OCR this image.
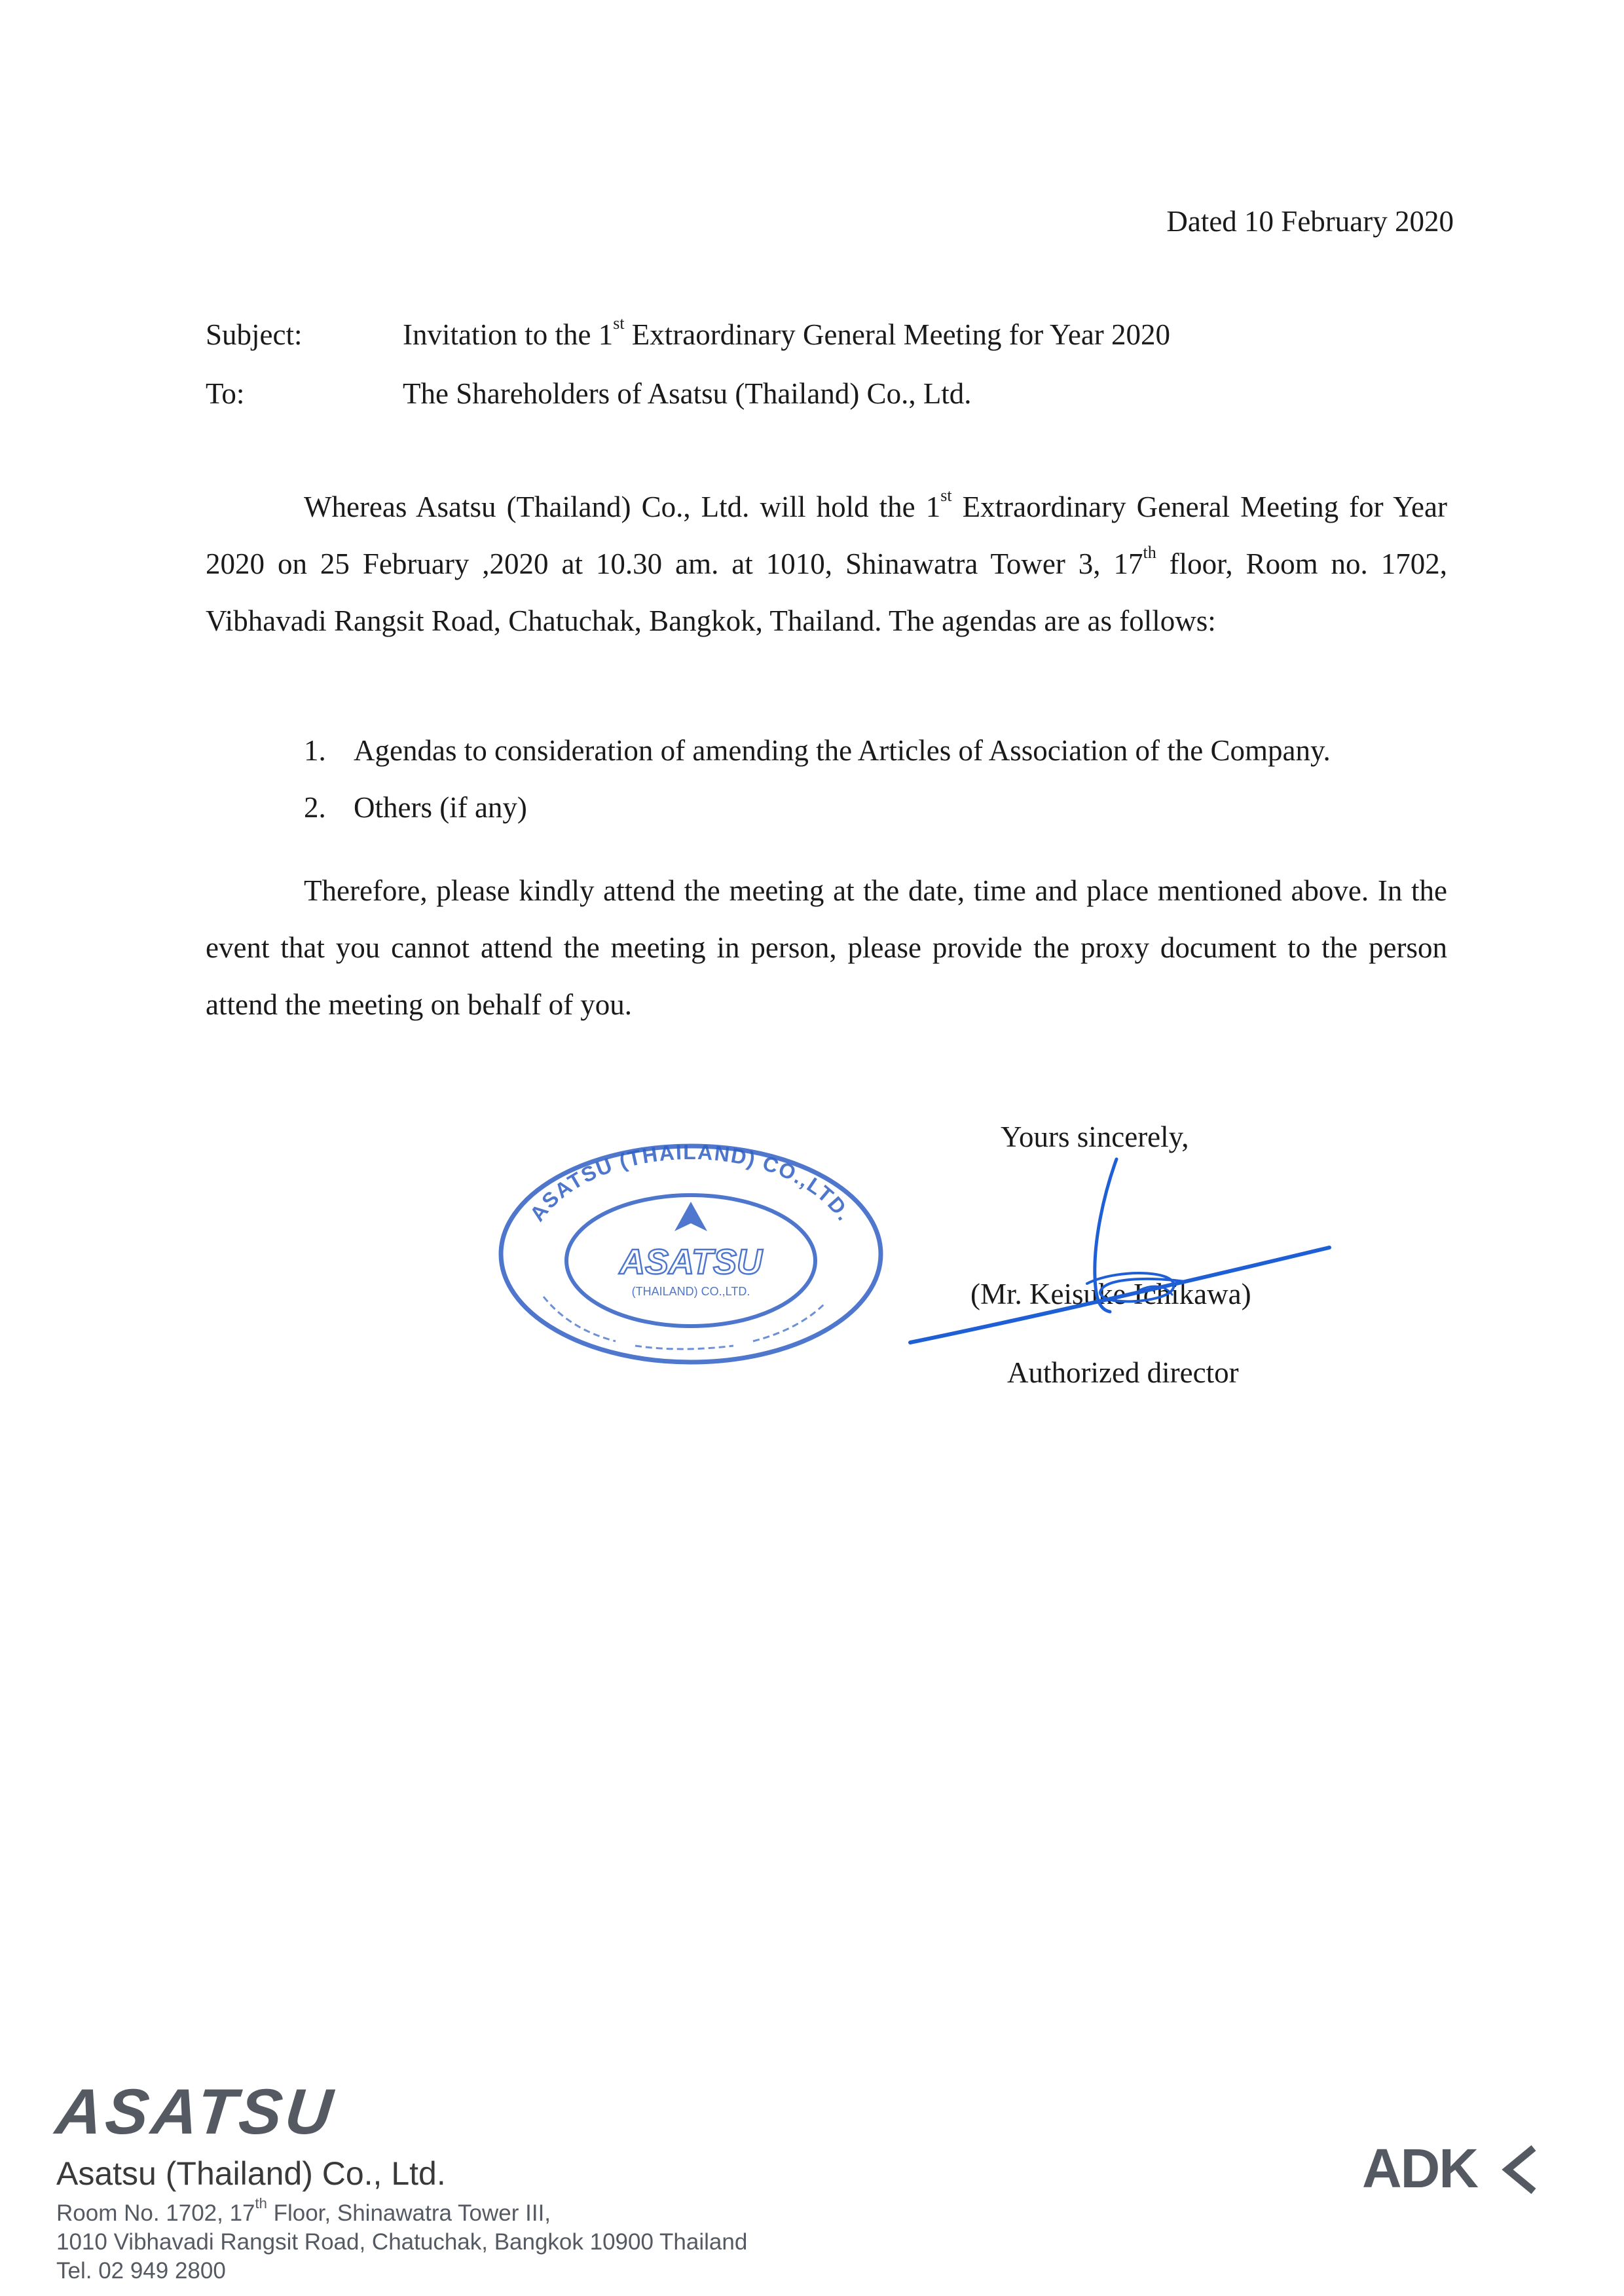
Dated 10 February 2020
Subject:	Invitation to the 1st Extraordinary General Meeting for Year 2020
To:	The Shareholders of Asatsu (Thailand) Co., Ltd.
Whereas Asatsu (Thailand) Co., Ltd. will hold the 1st Extraordinary General Meeting for Year 2020 on 25 February ,2020 at 10.30 am. at 1010, Shinawatra Tower 3, 17th floor, Room no. 1702, Vibhavadi Rangsit Road, Chatuchak, Bangkok, Thailand. The agendas are as follows:
1. Agendas to consideration of amending the Articles of Association of the Company.
2. Others (if any)
Therefore, please kindly attend the meeting at the date, time and place mentioned above. In the event that you cannot attend the meeting in person, please provide the proxy document to the person attend the meeting on behalf of you.
ASATSU (THAILAND) CO.,LTD.
ASATSU
(THAILAND) CO.,LTD.
Yours sincerely,
(Mr. Keisuke Ichikawa)
Authorized director
ASATSU
Asatsu (Thailand) Co., Ltd.
Room No. 1702, 17th Floor, Shinawatra Tower III,
1010 Vibhavadi Rangsit Road, Chatuchak, Bangkok 10900 Thailand
Tel. 02 949 2800
ADK
